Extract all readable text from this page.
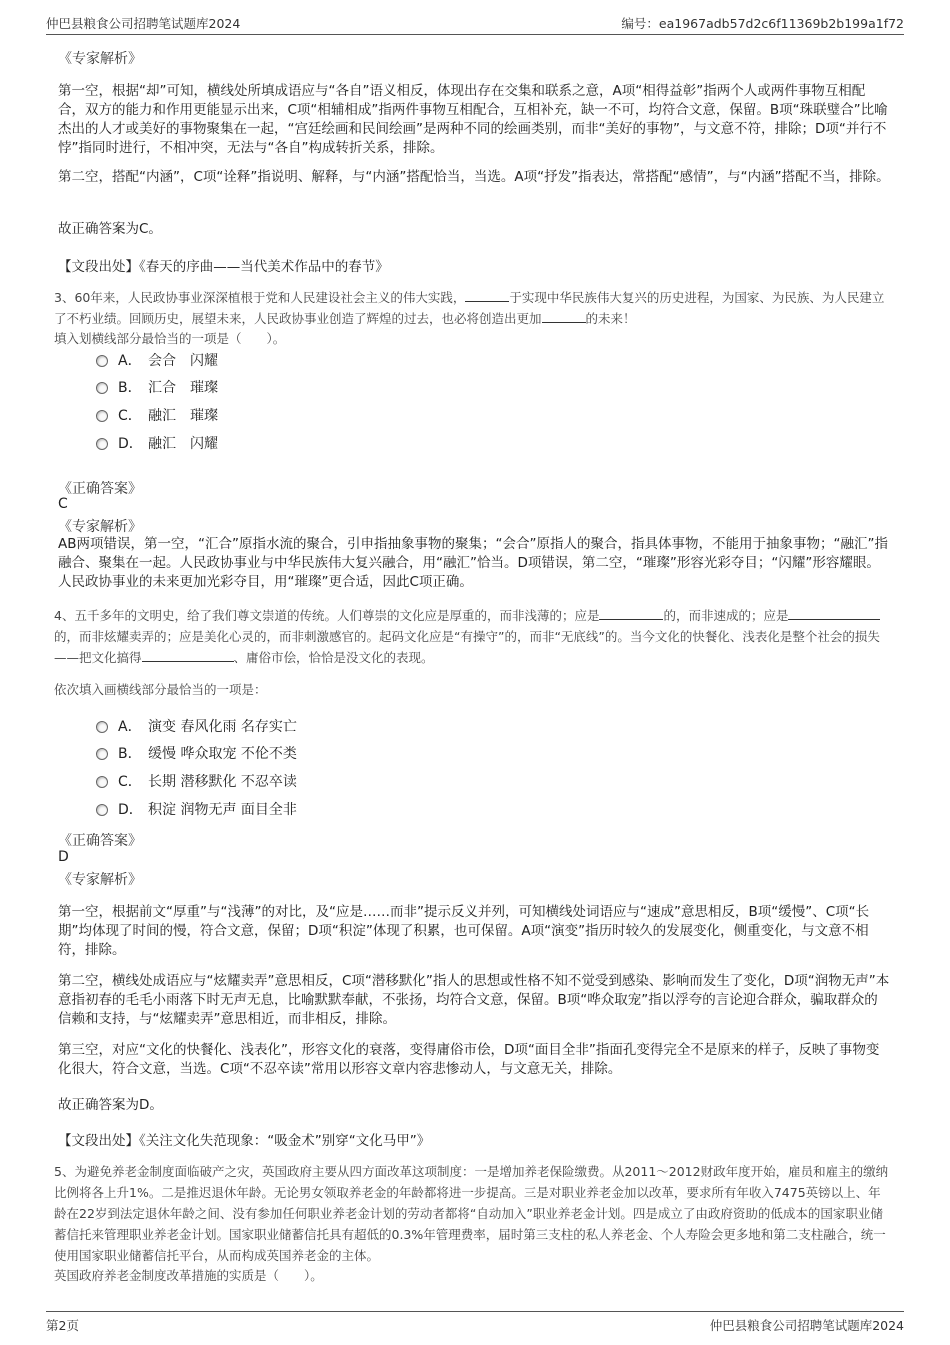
仲巴县粮食公司招聘笔试题库2024	编号：ea1967adb57d2c6f11369b2b199a1f72
《专家解析》

第一空，根据“却”可知，横线处所填成语应与“各自”语义相反，体现出存在交集和联系之意，A项“相得益彰”指两个人或两件事物互相配合，双方的能力和作用更能显示出来，C项“相辅相成”指两件事物互相配合，互相补充，缺一不可，均符合文意，保留。B项“珠联璧合”比喻杰出的人才或美好的事物聚集在一起，“宫廷绘画和民间绘画”是两种不同的绘画类别，而非“美好的事物”，与文意不符，排除；D项“并行不悖”指同时进行，不相冲突，无法与“各自”构成转折关系，排除。

第二空，搭配“内涵”，C项“诠释”指说明、解释，与“内涵”搭配恰当，当选。A项“抒发”指表达，常搭配“感情”，与“内涵”搭配不当，排除。

故正确答案为C。

【文段出处】《春天的序曲——当代美术作品中的春节》

3、60年来，人民政协事业深深植根于党和人民建设社会主义的伟大实践，	于实现中华民族伟大复兴的历史进程，为国家、为民族、为人民建立了不朽业绩。回顾历史，展望未来，人民政协事业创造了辉煌的过去，也必将创造出更加	的未来！

填入划横线部分最恰当的一项是（　　）。

A． 会合　闪耀
B． 汇合　璀璨
C． 融汇　璀璨
D． 融汇　闪耀
《正确答案》
C
《专家解析》

AB两项错误，第一空，“汇合”原指水流的聚合，引申指抽象事物的聚集；“会合”原指人的聚合，指具体事物，不能用于抽象事物；“融汇”指融合、聚集在一起。人民政协事业与中华民族伟大复兴融合，用“融汇”恰当。D项错误，第二空，“璀璨”形容光彩夺目；“闪耀”形容耀眼。人民政协事业的未来更加光彩夺目，用“璀璨”更合适，因此C项正确。

4、五千多年的文明史，给了我们尊文崇道的传统。人们尊崇的文化应是厚重的，而非浅薄的；应是	的，而非速成的；应是的，而非炫耀卖弄的；应是美化心灵的，而非刺激感官的。起码文化应是“有操守”的，而非“无底线”的。当今文化的快餐化、浅表化是整个社会的损失——把文化搞得	、庸俗市侩，恰恰是没文化的表现。

依次填入画横线部分最恰当的一项是：

A． 演变 春风化雨 名存实亡
B． 缓慢 哗众取宠 不伦不类
C． 长期 潜移默化 不忍卒读
D． 积淀 润物无声 面目全非
《正确答案》
D
《专家解析》

第一空，根据前文“厚重”与“浅薄”的对比，及“应是……而非”提示反义并列，可知横线处词语应与“速成”意思相反，B项“缓慢”、C项“长期”均体现了时间的慢，符合文意，保留；D项“积淀”体现了积累，也可保留。A项“演变”指历时较久的发展变化，侧重变化，与文意不相符，排除。

第二空，横线处成语应与“炫耀卖弄”意思相反，C项“潜移默化”指人的思想或性格不知不觉受到感染、影响而发生了变化，D项“润物无声”本意指初春的毛毛小雨落下时无声无息，比喻默默奉献，不张扬，均符合文意，保留。B项“哗众取宠”指以浮夸的言论迎合群众，骗取群众的信赖和支持，与“炫耀卖弄”意思相近，而非相反，排除。

第三空，对应“文化的快餐化、浅表化”，形容文化的衰落，变得庸俗市侩，D项“面目全非”指面孔变得完全不是原来的样子，反映了事物变化很大，符合文意，当选。C项“不忍卒读”常用以形容文章内容悲惨动人，与文意无关，排除。

故正确答案为D。

【文段出处】《关注文化失范现象：“吸金术”别穿“文化马甲”》

5、为避免养老金制度面临破产之灾，英国政府主要从四方面改革这项制度：一是增加养老保险缴费。从2011～2012财政年度开始，雇员和雇主的缴纳比例将各上升1%。二是推迟退休年龄。无论男女领取养老金的年龄都将进一步提高。三是对职业养老金加以改革，要求所有年收入7475英镑以上、年龄在22岁到法定退休年龄之间、没有参加任何职业养老金计划的劳动者都将“自动加入”职业养老金计划。四是成立了由政府资助的低成本的国家职业储蓄信托来管理职业养老金计划。国家职业储蓄信托具有超低的0.3%年管理费率，届时第三支柱的私人养老金、个人寿险会更多地和第二支柱融合，统一使用国家职业储蓄信托平台，从而构成英国养老金的主体。

英国政府养老金制度改革措施的实质是（　　）。

第2页	仲巴县粮食公司招聘笔试题库2024
